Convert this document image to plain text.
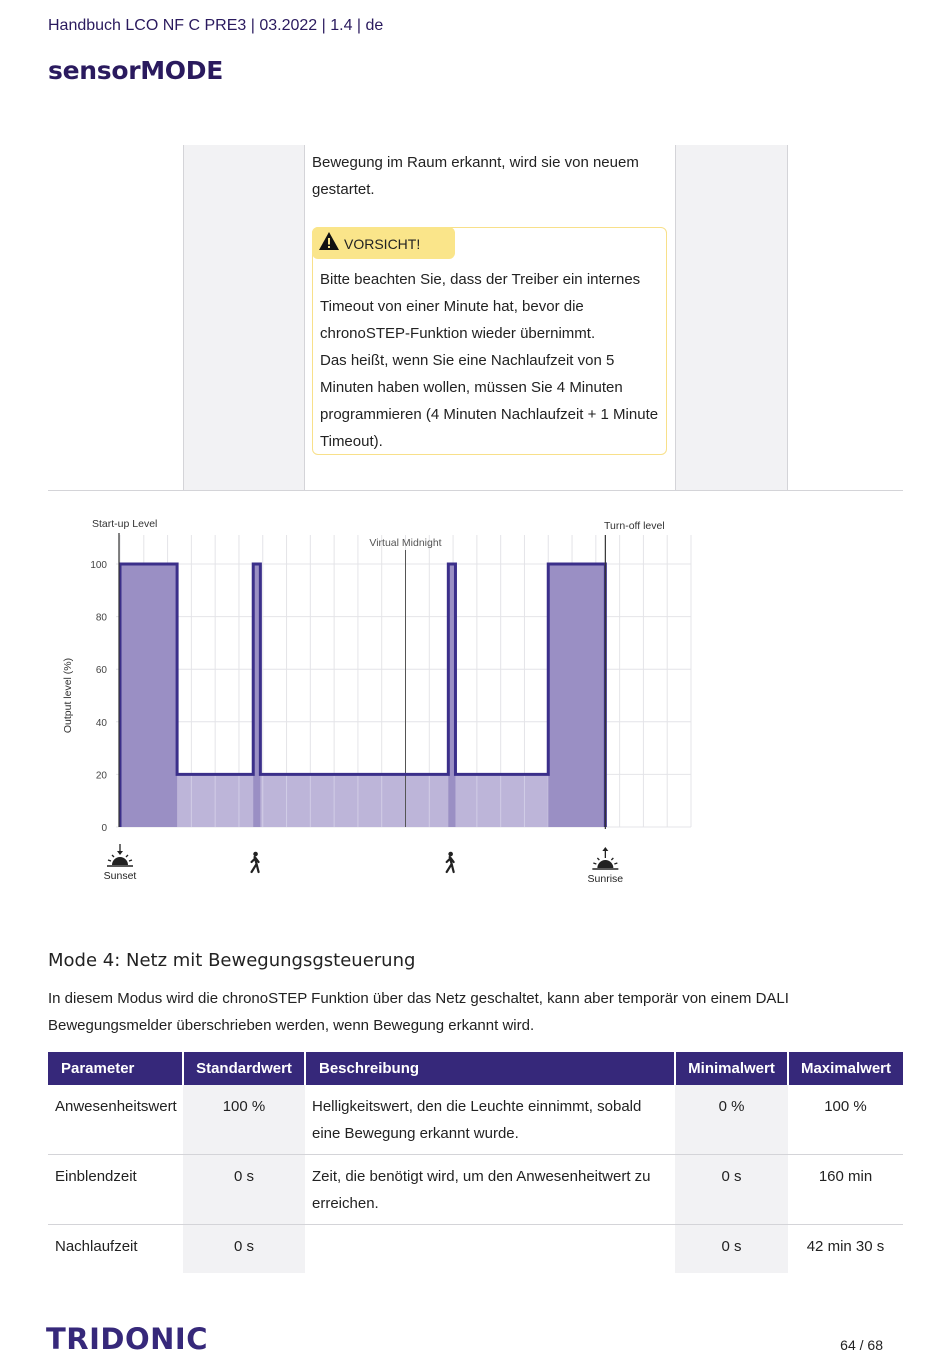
Handbuch LCO NF C PRE3 | 03.2022 | 1.4 | de
sensorMODE
Bewegung im Raum erkannt, wird sie von neuem gestartet.
VORSICHT!
Bitte beachten Sie, dass der Treiber ein internes Timeout von einer Minute hat, bevor die chronoSTEP-Funktion wieder übernimmt.
Das heißt, wenn Sie eine Nachlaufzeit von 5 Minuten haben wollen, müssen Sie 4 Minuten programmieren (4 Minuten Nachlaufzeit + 1 Minute Timeout).
0
20
40
60
80
100
Virtual Midnight
Start-up Level	Turn-off level
Output level (%)
Sunset	Sunrise
Mode 4: Netz mit Bewegungsgsteuerung
In diesem Modus wird die chronoSTEP Funktion über das Netz geschaltet, kann aber temporär von einem DALI Bewegungsmelder überschrieben werden, wenn Bewegung erkannt wird.
Parameter	Standardwert	Beschreibung	Minimalwert	Maximalwert
Anwesenheitswert	100 %	Helligkeitswert, den die Leuchte einnimmt, sobald eine Bewegung erkannt wurde.	0 %	100 %
Einblendzeit	0 s	Zeit, die benötigt wird, um den Anwesenheitwert zu erreichen.	0 s	160 min
Nachlaufzeit	0 s		0 s	42 min 30 s
TRIDONIC	64 / 68
